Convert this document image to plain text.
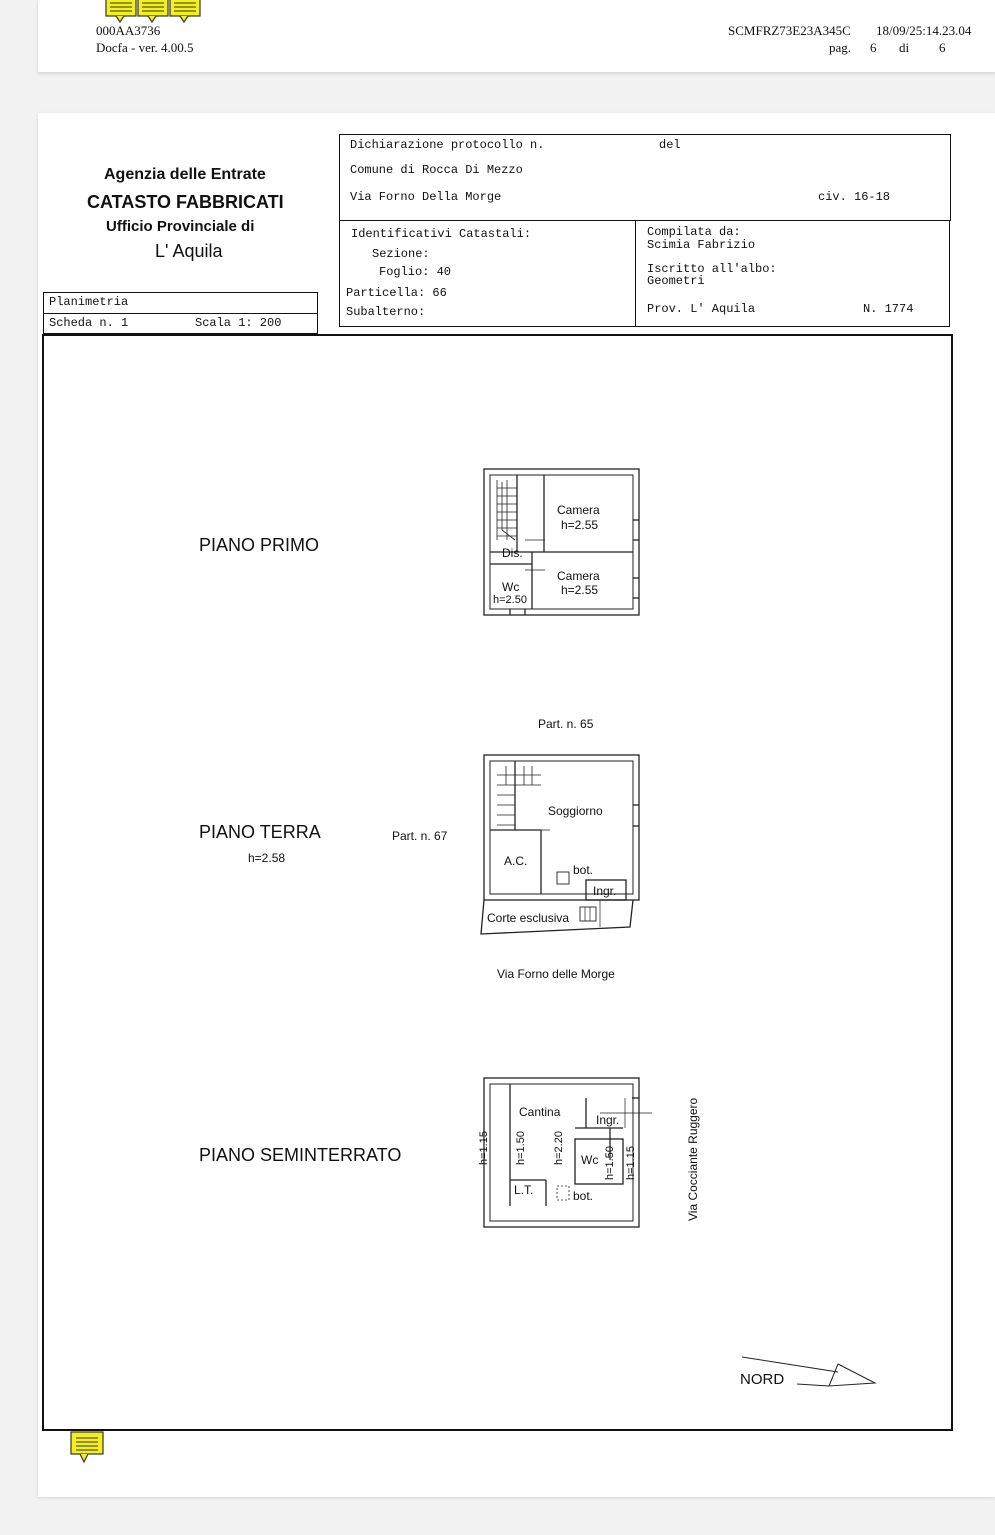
000AA3736
Docfa - ver. 4.00.5
SCMFRZ73E23A345C 18/09/25:14.23.04
pag. 6 di 6
Agenzia delle Entrate
CATASTO FABBRICATI
Ufficio Provinciale di
L' Aquila
Planimetria
Scheda n. 1	Scala 1: 200
Dichiarazione protocollo n.	del
Comune di Rocca Di Mezzo
Via Forno Della Morge	civ. 16-18
Identificativi Catastali:
Sezione:
Foglio: 40
Particella: 66
Subalterno:
Compilata da:
Scimia Fabrizio
Iscritto all'albo:
Geometri
Prov. L' Aquila	N. 1774
PIANO PRIMO
PIANO TERRA
h=2.58
PIANO SEMINTERRATO
Camera
h=2.55
Dis.
Camera
h=2.55
Wc
h=2.50
Part. n. 65
Part. n. 67
Soggiorno
A.C.
bot.
Ingr.
Corte esclusiva
Via Forno delle Morge
Cantina
Ingr.
Wc
L.T.	bot.
h=1.15 h=1.50 h=2.20	h=1.50 h=1.15	Via Cocciante Ruggero
NORD
